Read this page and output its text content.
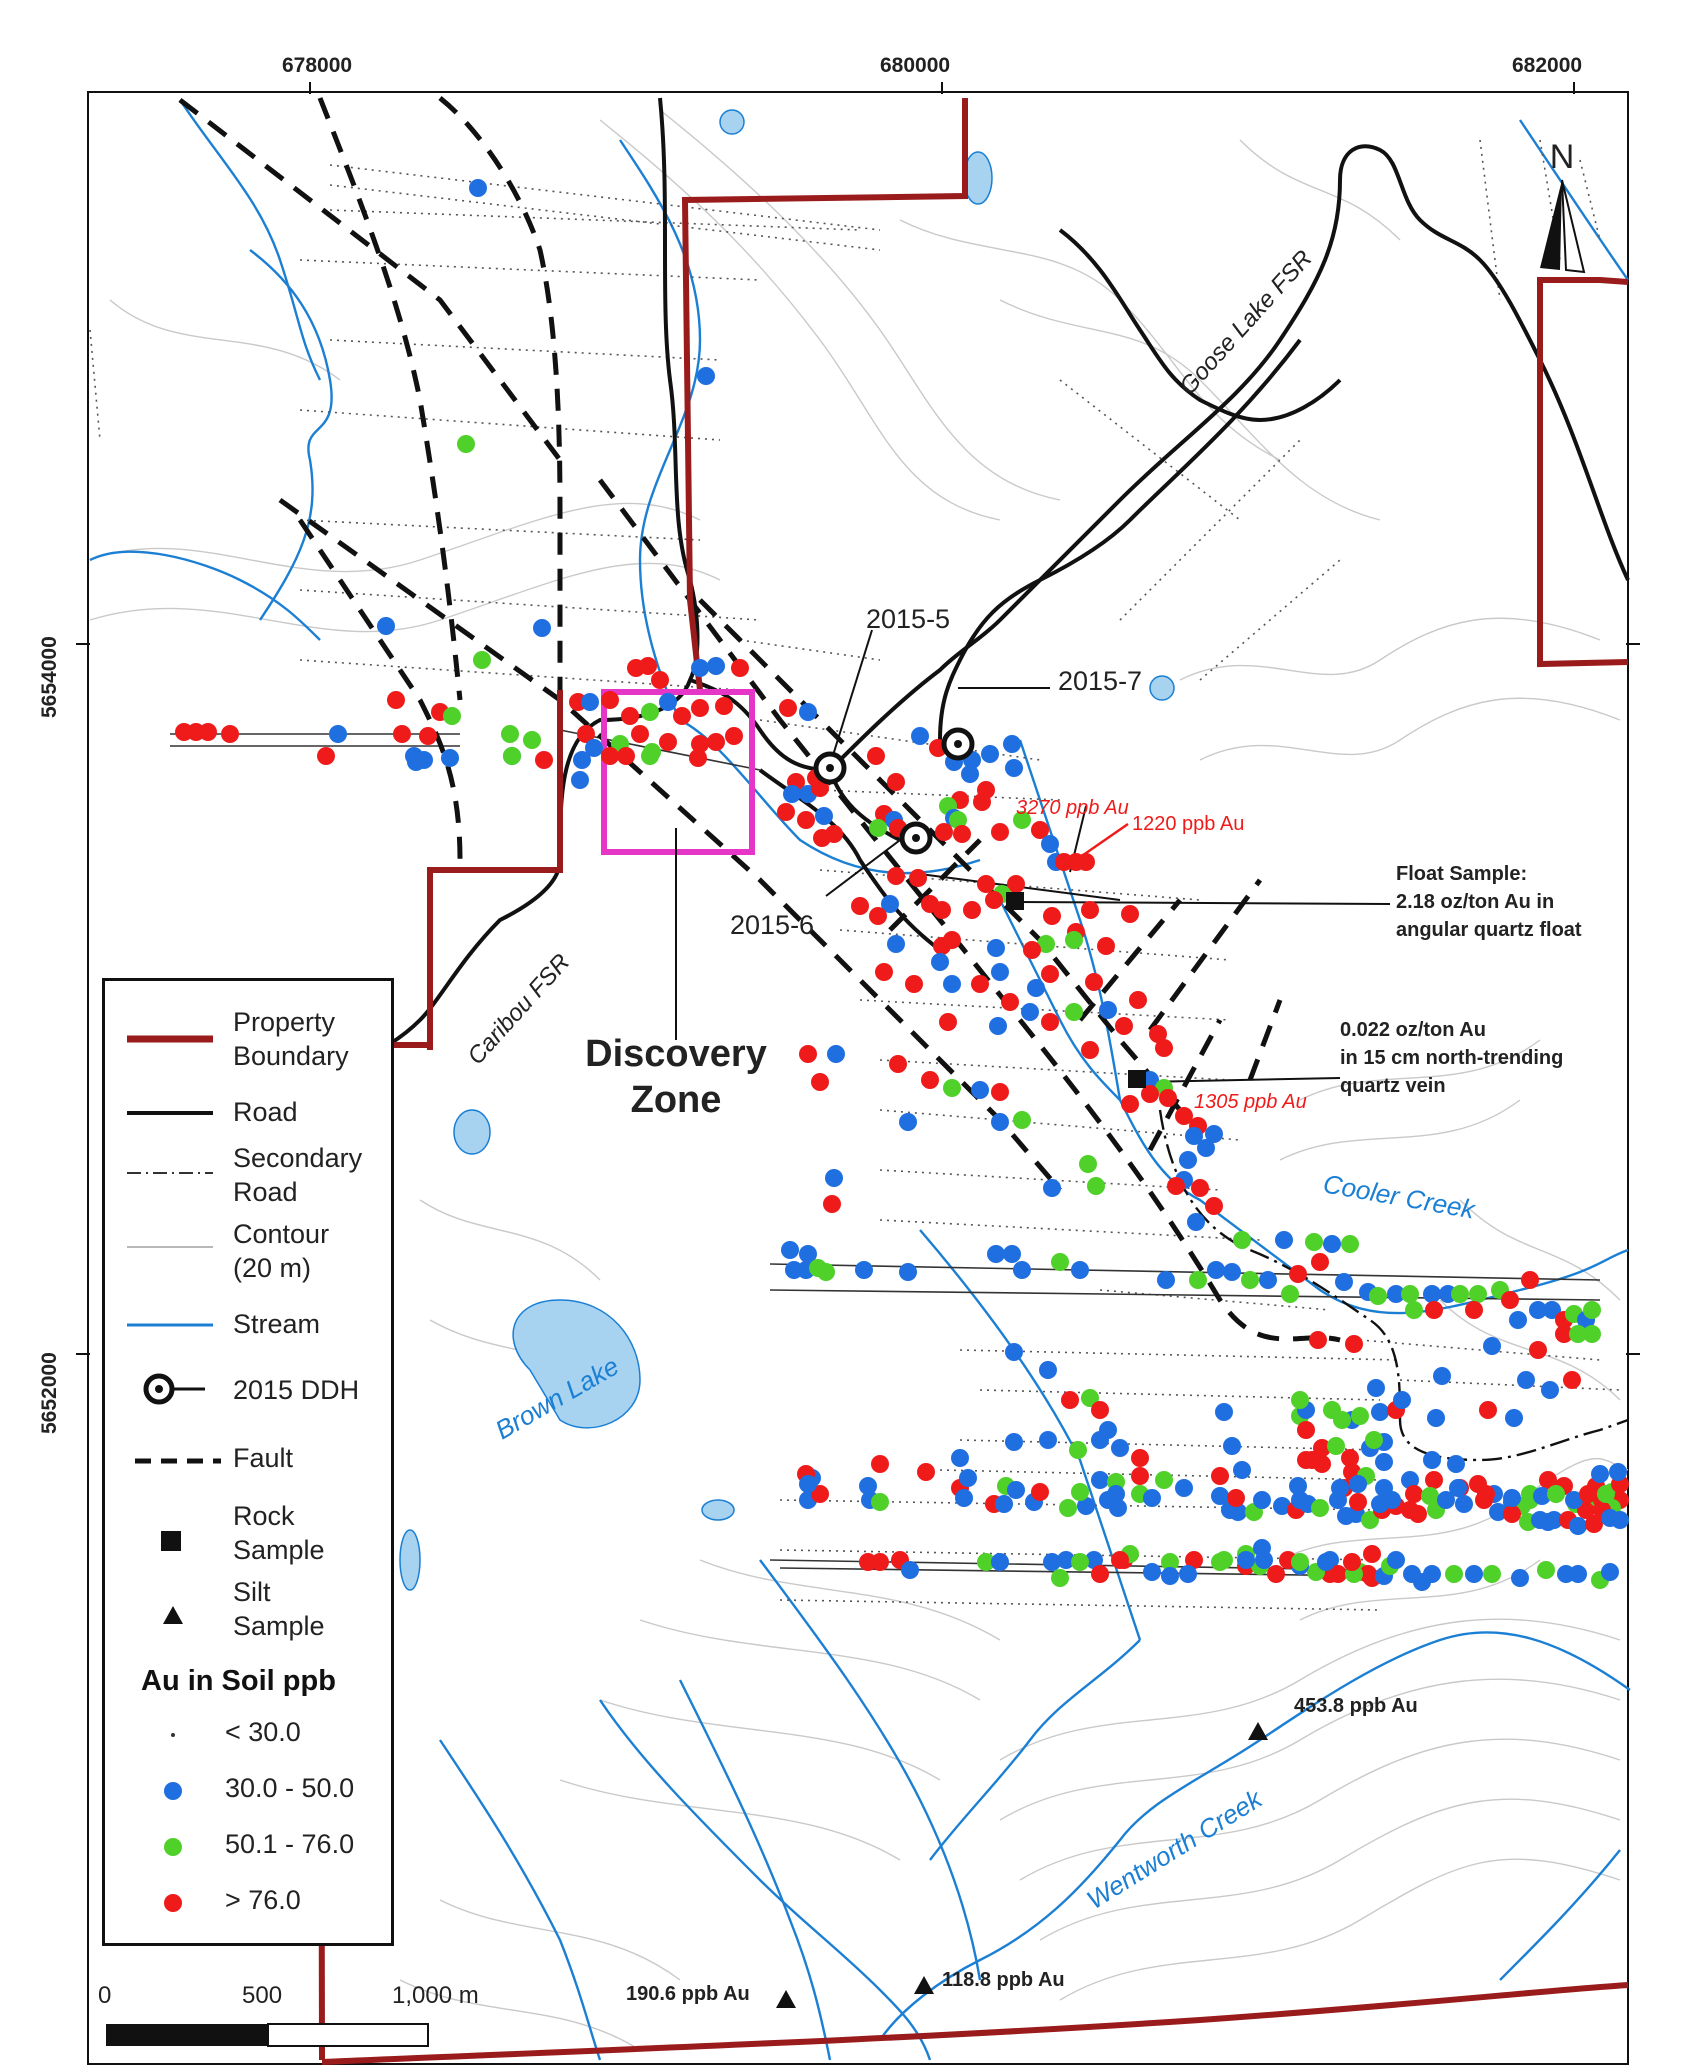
N
678000	680000	682000
5654000
5652000
Goose Lake FSR
Caribou FSR
Brown Lake
Cooler Creek
Wentworth Creek
Discovery
Zone
2015-5
2015-6
2015-7
3270 ppb Au
1220 ppb Au
1305 ppb Au
Float Sample:
2.18 oz/ton Au in
angular quartz float
0.022 oz/ton Au
in 15 cm north-trending
quartz vein
453.8 ppb Au
118.8 ppb Au
190.6 ppb Au
Property
Boundary
Road
Secondary
Road
Contour
(20 m)
Stream
2015 DDH
Fault
Rock
Sample
Silt
Sample
Au in Soil ppb
< 30.0
30.0 - 50.0
50.1 - 76.0
> 76.0
0	500	1,000 m
